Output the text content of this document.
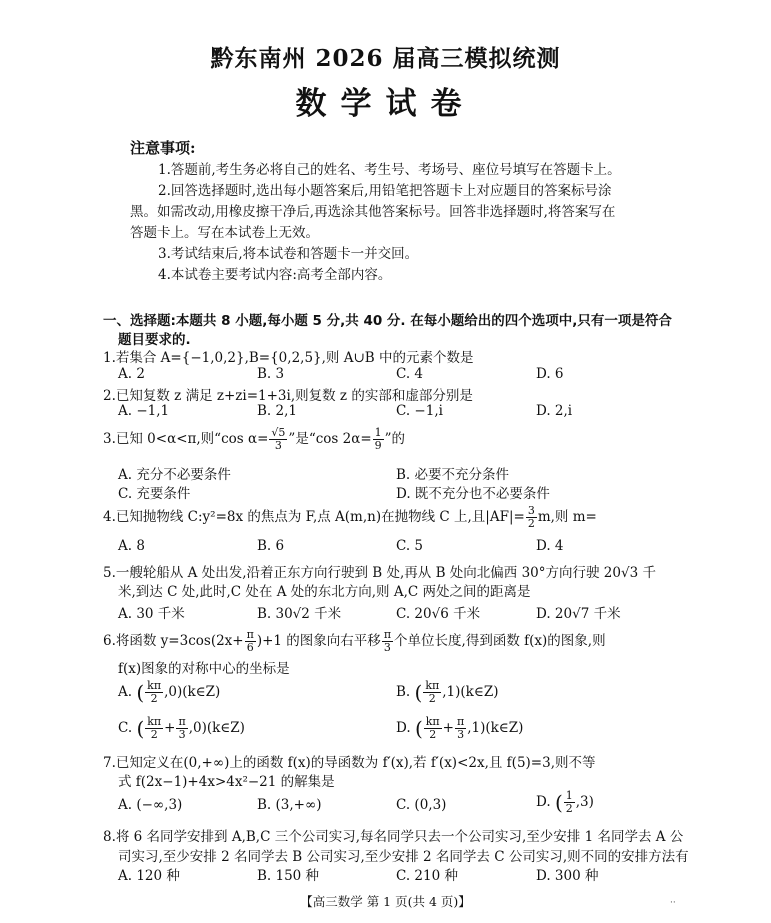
黔东南州 2026 届高三模拟统测
数学试卷
注意事项:
1.答题前,考生务必将自己的姓名、考生号、考场号、座位号填写在答题卡上。
2.回答选择题时,选出每小题答案后,用铅笔把答题卡上对应题目的答案标号涂
黑。如需改动,用橡皮擦干净后,再选涂其他答案标号。回答非选择题时,将答案写在
答题卡上。写在本试卷上无效。
3.考试结束后,将本试卷和答题卡一并交回。
4.本试卷主要考试内容:高考全部内容。
一、选择题:本题共 8 小题,每小题 5 分,共 40 分. 在每小题给出的四个选项中,只有一项是符合
题目要求的.
1.若集合 A={−1,0,2},B={0,2,5},则 A∪B 中的元素个数是
A. 2	B. 3	C. 4	D. 6
2.已知复数 z 满足 z+zi=1+3i,则复数 z 的实部和虚部分别是
A. −1,1	B. 2,1	C. −1,i	D. 2,i
3.已知 0<α<π,则“cos $\alpha= \frac{√5}{3}$ ”是“cos $2\alpha= \frac{1}{9}$ ”的
A. 充分不必要条件	B. 必要不充分条件
C. 充要条件	D. 既不充分也不必要条件
4.已知抛物线 C:y²=8x 的焦点为 F,点 A(m,n)在抛物线 C 上,且$|AF|= \frac{3}{2} m$,则 m=
A. 8	B. 6	C. 5	D. 4
5.一艘轮船从 A 处出发,沿着正东方向行驶到 B 处,再从 B 处向北偏西 30°方向行驶 20√3 千
米,到达 C 处,此时,C 处在 A 处的东北方向,则 A,C 两处之间的距离是
A. 30 千米	B. 30√2 千米	C. 20√6 千米	D. 20√7 千米
6.将函数 $y=3\cos(2x+ \frac{\pi}{6} )+1$ 的图象向右平移 $\frac{\pi}{3}$ 个单位长度,得到函数 f(x)的图象,则
f(x)图象的对称中心的坐标是
A. ( $\frac{k\pi}{2}$ ,0)(k∈Z)	B. ( $\frac{k\pi}{2}$ ,1)(k∈Z)
C. ( $\frac{k\pi}{2} + \frac{\pi}{3}$ ,0)(k∈Z)	D. ( $\frac{k\pi}{2} + \frac{\pi}{3}$ ,1)(k∈Z)
7.已知定义在(0,+∞)上的函数 f(x)的导函数为 f′(x),若 f′(x)<2x,且 f(5)=3,则不等
式 f(2x−1)+4x>4x²−21 的解集是
A. (−∞,3)	B. (3,+∞)	C. (0,3)	D. ( $\frac{1}{2} ,3$)
8.将 6 名同学安排到 A,B,C 三个公司实习,每名同学只去一个公司实习,至少安排 1 名同学去 A 公
司实习,至少安排 2 名同学去 B 公司实习,至少安排 2 名同学去 C 公司实习,则不同的安排方法有
A. 120 种	B. 150 种	C. 210 种	D. 300 种
【高三数学 第 1 页(共 4 页)】	··
